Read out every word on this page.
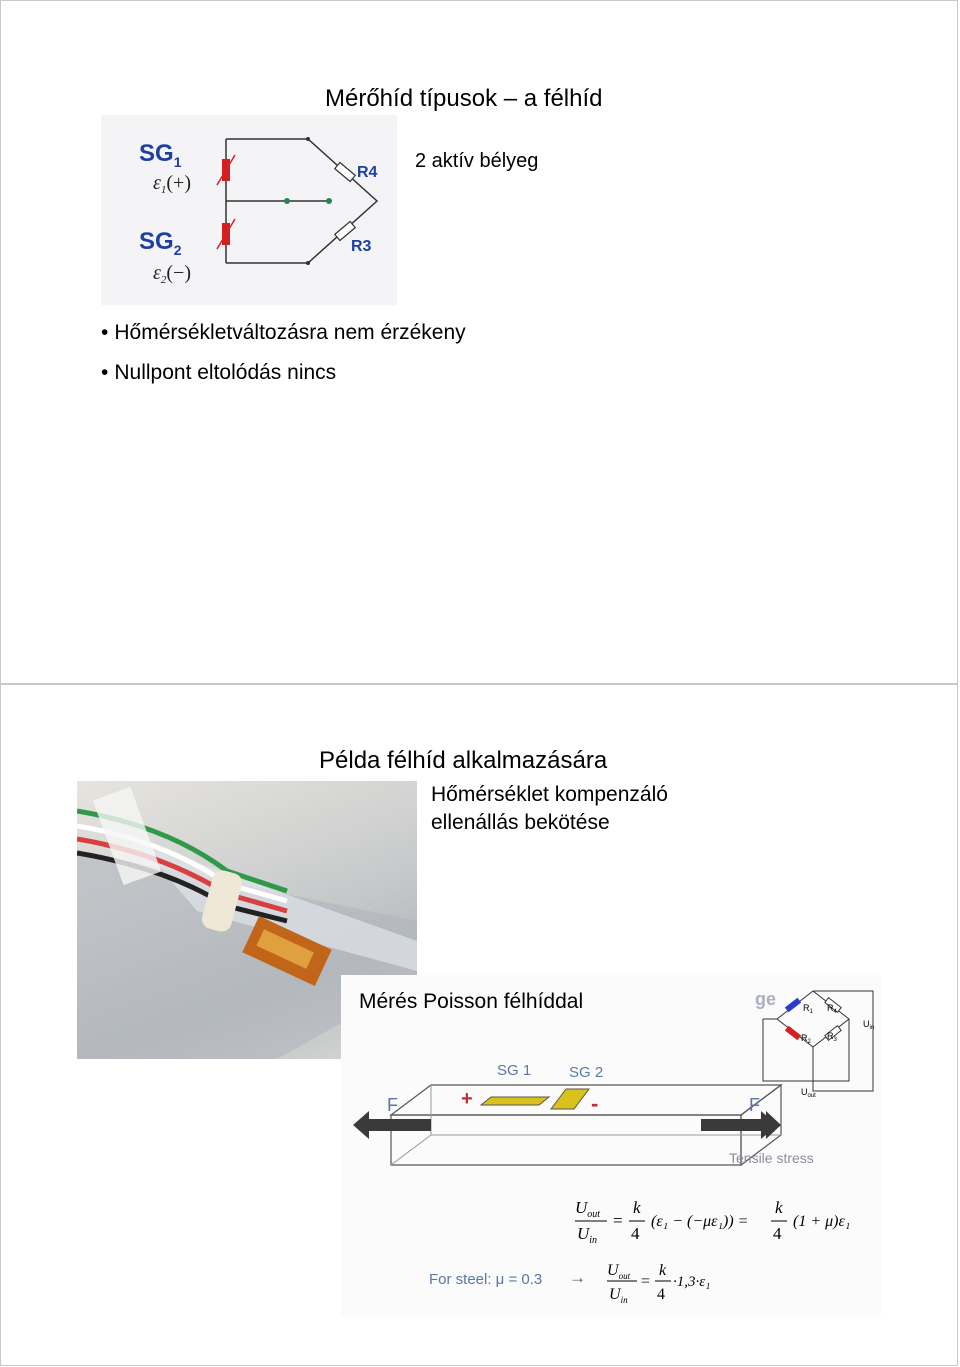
Mérőhíd típusok – a félhíd
$SG_1$
$\varepsilon_1(+)$
$SG_2$
$\varepsilon_2(-)$
R4
R3
2 aktív bélyeg
• Hőmérsékletváltozásra nem érzékeny
• Nullpont eltolódás nincs
Példa félhíd alkalmazására
Hőmérséklet kompenzáló
ellenállás bekötése
Mérés Poisson félhíddal	ge	$R_1$
$R_2$
$R_3$
$R_4$
$U_{in}$
$U_{out}$
SG 1	SG 2
+	-
F	F
Tensile stress
$U_{out}$
$U_{in}$
=
k
4
(ε₁ − (−με₁)) =
k
4
(1 + μ)ε₁
For steel: $\mu = 0.3 \to U_{out}$
$U_{in}$
=
k
4
·1,3·ε₁
